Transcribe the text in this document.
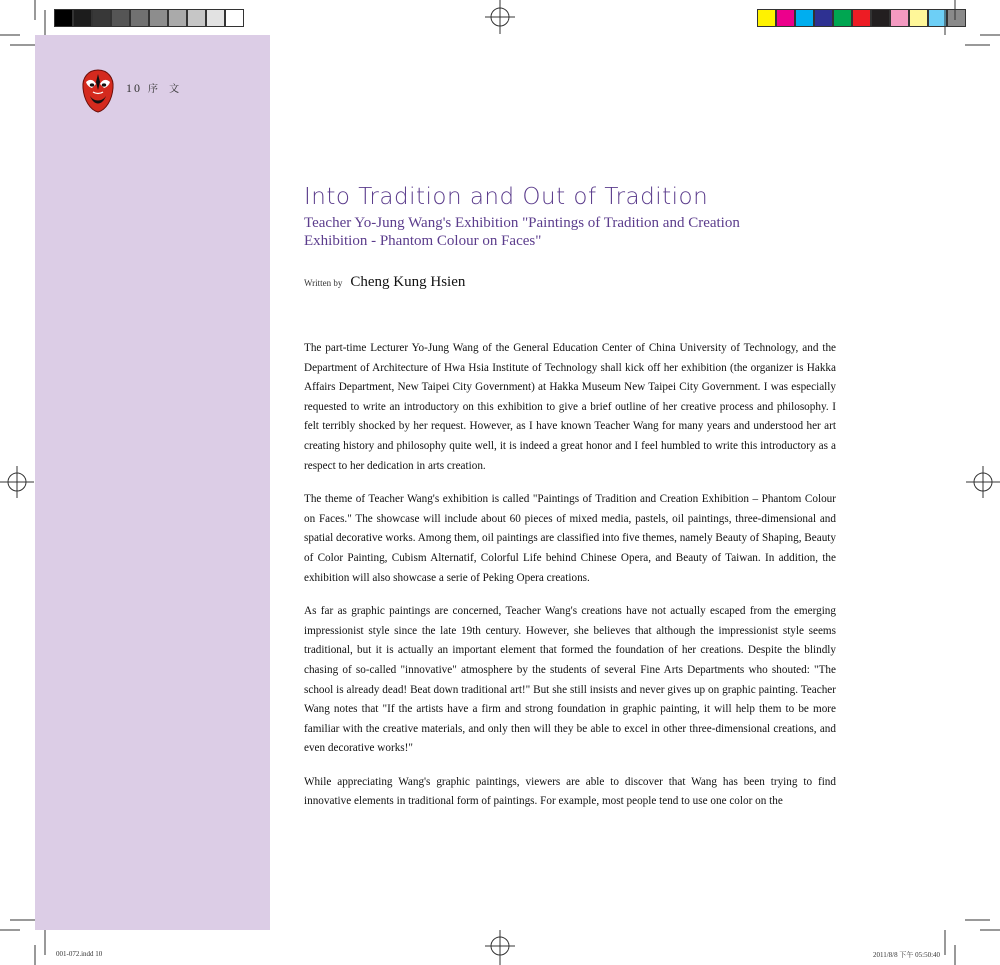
10 序 文
Into Tradition and Out of Tradition
Teacher Yo-Jung Wang's Exhibition "Paintings of Tradition and Creation
Exhibition - Phantom Colour on Faces"
Written by Cheng Kung Hsien

The part-time Lecturer Yo-Jung Wang of the General Education Center of China University of Technology, and the Department of Architecture of Hwa Hsia Institute of Technology shall kick off her exhibition (the organizer is Hakka Affairs Department, New Taipei City Government) at Hakka Museum New Taipei City Government. I was especially requested to write an introductory on this exhibition to give a brief outline of her creative process and philosophy. I felt terribly shocked by her request. However, as I have known Teacher Wang for many years and understood her art creating history and philosophy quite well, it is indeed a great honor and I feel humbled to write this introductory as a respect to her dedication in arts creation.

The theme of Teacher Wang's exhibition is called "Paintings of Tradition and Creation Exhibition – Phantom Colour on Faces." The showcase will include about 60 pieces of mixed media, pastels, oil paintings, three-dimensional and spatial decorative works. Among them, oil paintings are classified into five themes, namely Beauty of Shaping, Beauty of Color Painting, Cubism Alternatif, Colorful Life behind Chinese Opera, and Beauty of Taiwan. In addition, the exhibition will also showcase a serie of Peking Opera creations.

As far as graphic paintings are concerned, Teacher Wang's creations have not actually escaped from the emerging impressionist style since the late 19th century. However, she believes that although the impressionist style seems traditional, but it is actually an important element that formed the foundation of her creations. Despite the blindly chasing of so-called "innovative" atmosphere by the students of several Fine Arts Departments who shouted: "The school is already dead! Beat down traditional art!" But she still insists and never gives up on graphic painting. Teacher Wang notes that "If the artists have a firm and strong foundation in graphic painting, it will help them to be more familiar with the creative materials, and only then will they be able to excel in other three-dimensional creations, and even decorative works!"

While appreciating Wang's graphic paintings, viewers are able to discover that Wang has been trying to find innovative elements in traditional form of paintings. For example, most people tend to use one color on the

001-072.indd 10	2011/8/8 下午 05:50:40
